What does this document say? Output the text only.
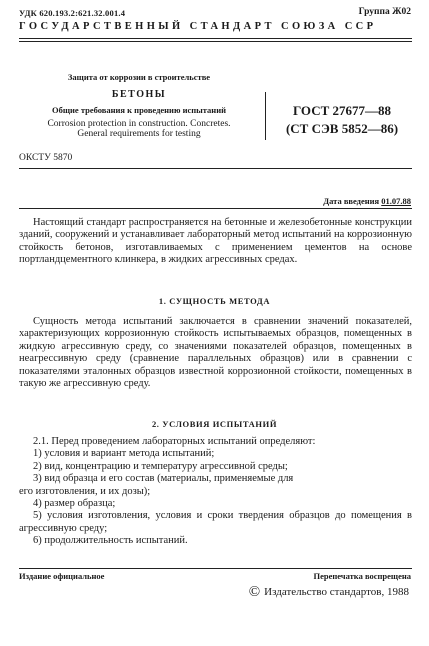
УДК 620.193.2:621.32.001.4	Группа Ж02
ГОСУДАРСТВЕННЫЙ СТАНДАРТ СОЮЗА ССР
Защита от коррозии в строительстве
БЕТОНЫ
Общие требования к проведению испытаний
Corrosion protection in construction. Concretes.
General requirements for testing
ГОСТ 27677—88
(СТ СЭВ 5852—86)
ОКСТУ 5870
Дата введения 01.07.88

Настоящий стандарт распространяется на бетонные и железобетонные конструкции зданий, сооружений и устанавливает лабораторный метод испытаний на коррозионную стойкость бетонов, изготавливаемых с применением цементов на основе портландцементного клинкера, в жидких агрессивных средах.

1. СУЩНОСТЬ МЕТОДА

Сущность метода испытаний заключается в сравнении значений показателей, характеризующих коррозионную стойкость испытываемых образцов, помещенных в жидкую агрессивную среду, со значениями показателей образцов, помещенных в неагрессивную среду (сравнение параллельных образцов) или в сравнении с показателями эталонных образцов известной коррозионной стойкости, помещенных в такую же агрессивную среду.

2. УСЛОВИЯ ИСПЫТАНИЙ
2.1. Перед проведением лабораторных испытаний определяют:
1) условия и вариант метода испытаний;
2) вид, концентрацию и температуру агрессивной среды;
3) вид образца и его состав (материалы, применяемые для
его изготовления, и их дозы);
4) размер образца;
5) условия изготовления, условия и сроки твердения образцов до помещения в агрессивную среду;
6) продолжительность испытаний.
Издание официальное	Перепечатка воспрещена
© Издательство стандартов, 1988
